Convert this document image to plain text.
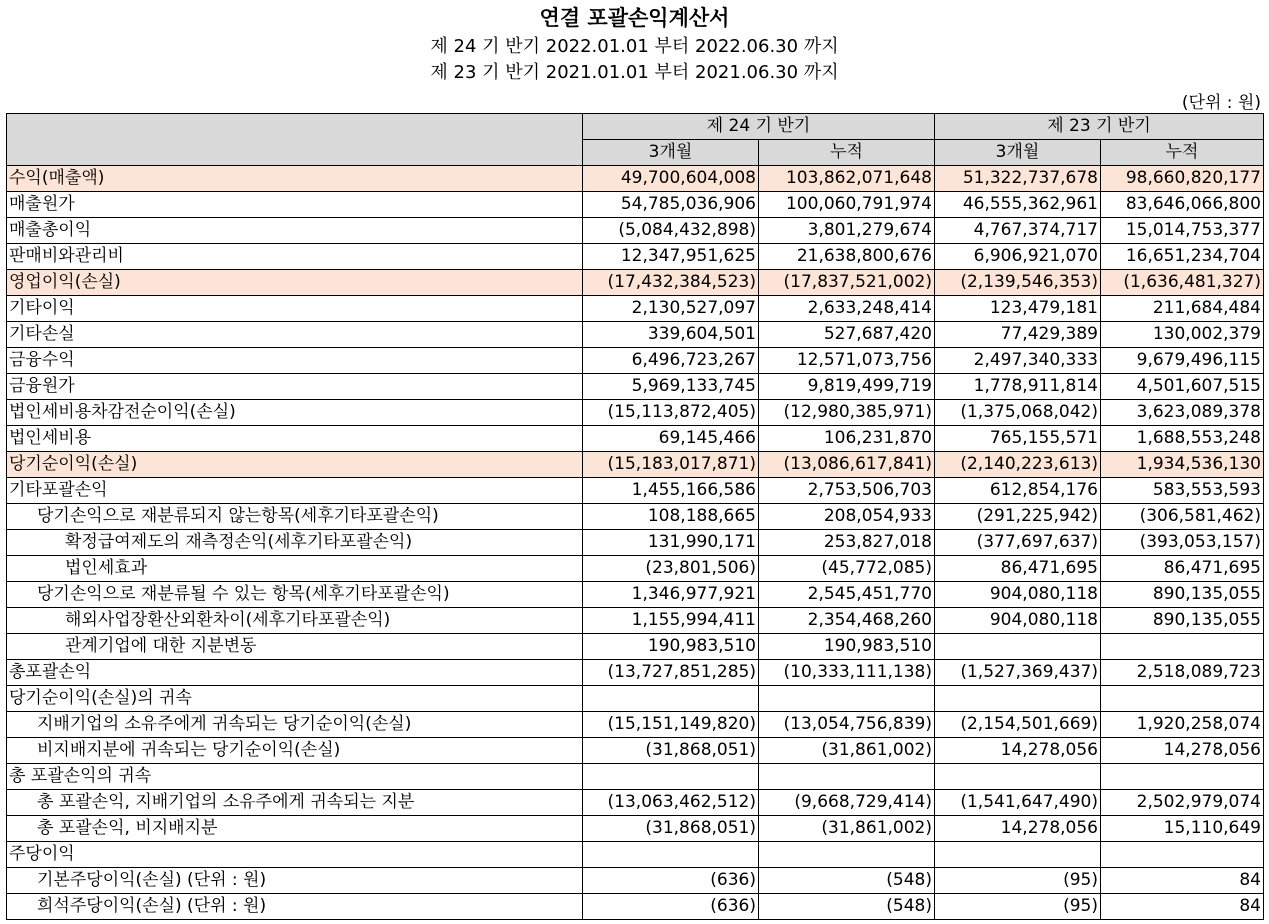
연결 포괄손익계산서
제 24 기 반기 2022.01.01 부터 2022.06.30 까지
제 23 기 반기 2021.01.01 부터 2021.06.30 까지
(단위 : 원)
	제 24 기 반기		제 23 기 반기	
	3개월	누적	3개월	누적
수익(매출액)	49,700,604,008	103,862,071,648	51,322,737,678	98,660,820,177
매출원가	54,785,036,906	100,060,791,974	46,555,362,961	83,646,066,800
매출총이익	(5,084,432,898)	3,801,279,674	4,767,374,717	15,014,753,377
판매비와관리비	12,347,951,625	21,638,800,676	6,906,921,070	16,651,234,704
영업이익(손실)	(17,432,384,523)	(17,837,521,002)	(2,139,546,353)	(1,636,481,327)
기타이익	2,130,527,097	2,633,248,414	123,479,181	211,684,484
기타손실	339,604,501	527,687,420	77,429,389	130,002,379
금융수익	6,496,723,267	12,571,073,756	2,497,340,333	9,679,496,115
금융원가	5,969,133,745	9,819,499,719	1,778,911,814	4,501,607,515
법인세비용차감전순이익(손실)	(15,113,872,405)	(12,980,385,971)	(1,375,068,042)	3,623,089,378
법인세비용	69,145,466	106,231,870	765,155,571	1,688,553,248
당기순이익(손실)	(15,183,017,871)	(13,086,617,841)	(2,140,223,613)	1,934,536,130
기타포괄손익	1,455,166,586	2,753,506,703	612,854,176	583,553,593
당기손익으로 재분류되지 않는항목(세후기타포괄손익)	108,188,665	208,054,933	(291,225,942)	(306,581,462)
확정급여제도의 재측정손익(세후기타포괄손익)	131,990,171	253,827,018	(377,697,637)	(393,053,157)
법인세효과	(23,801,506)	(45,772,085)	86,471,695	86,471,695
당기손익으로 재분류될 수 있는 항목(세후기타포괄손익)	1,346,977,921	2,545,451,770	904,080,118	890,135,055
해외사업장환산외환차이(세후기타포괄손익)	1,155,994,411	2,354,468,260	904,080,118	890,135,055
관계기업에 대한 지분변동	190,983,510	190,983,510		
총포괄손익	(13,727,851,285)	(10,333,111,138)	(1,527,369,437)	2,518,089,723
당기순이익(손실)의 귀속				
지배기업의 소유주에게 귀속되는 당기순이익(손실)	(15,151,149,820)	(13,054,756,839)	(2,154,501,669)	1,920,258,074
비지배지분에 귀속되는 당기순이익(손실)	(31,868,051)	(31,861,002)	14,278,056	14,278,056
총 포괄손익의 귀속				
총 포괄손익, 지배기업의 소유주에게 귀속되는 지분	(13,063,462,512)	(9,668,729,414)	(1,541,647,490)	2,502,979,074
총 포괄손익, 비지배지분	(31,868,051)	(31,861,002)	14,278,056	15,110,649
주당이익				
기본주당이익(손실) (단위 : 원)	(636)	(548)	(95)	84
희석주당이익(손실) (단위 : 원)	(636)	(548)	(95)	84
